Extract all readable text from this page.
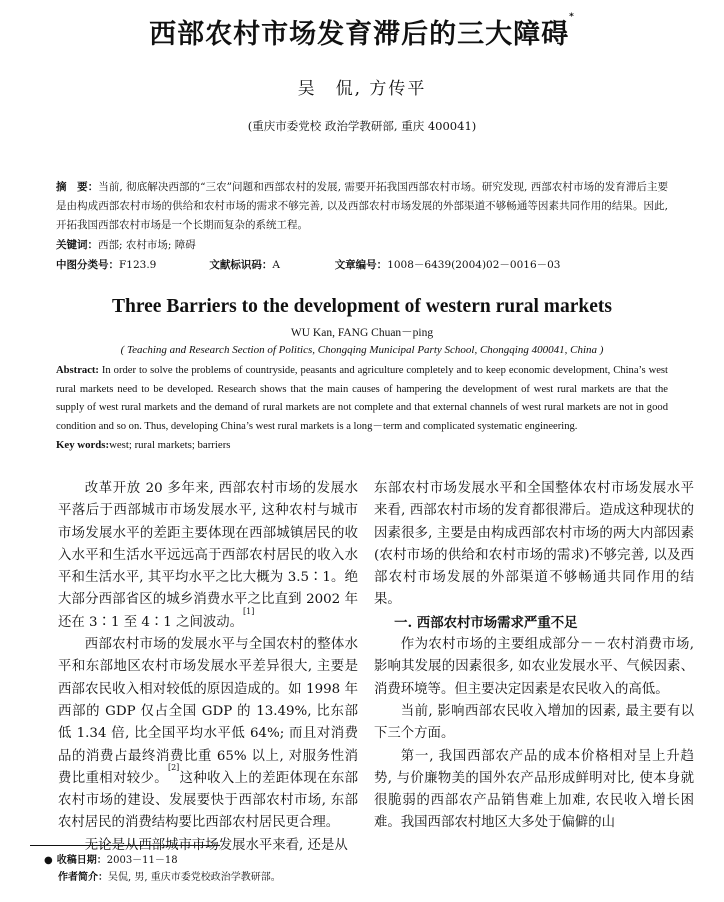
西部农村市场发育滞后的三大障碍*
吴　侃, 方传平
(重庆市委党校 政治学教研部, 重庆 400041)
摘　要：当前, 彻底解决西部的“三农”问题和西部农村的发展, 需要开拓我国西部农村市场。研究发现, 西部农村市场的发育滞后主要是由构成西部农村市场的供给和农村市场的需求不够完善, 以及西部农村市场发展的外部渠道不够畅通等因素共同作用的结果。因此, 开拓我国西部农村市场是一个长期而复杂的系统工程。
关键词：西部; 农村市场; 障碍
中图分类号：F123.9	文献标识码：A	文章编号：1008－6439(2004)02－0016－03
Three Barriers to the development of western rural markets
WU Kan, FANG Chuan－ping
( Teaching and Research Section of Politics, Chongqing Municipal Party School, Chongqing 400041, China )
Abstract: In order to solve the problems of countryside, peasants and agriculture completely and to keep economic development, China’s west rural markets need to be developed. Research shows that the main causes of hampering the development of west rural markets are that the supply of west rural markets and the demand of rural markets are not complete and that external channels of west rural markets are not in good condition and so on. Thus, developing China’s west rural markets is a long－term and complicated systematic engineering.
Key words:west; rural markets; barriers

改革开放 20 多年来, 西部农村市场的发展水平落后于西部城市市场发展水平, 这种农村与城市市场发展水平的差距主要体现在西部城镇居民的收入水平和生活水平远远高于西部农村居民的收入水平和生活水平, 其平均水平之比大概为 3.5∶1。绝大部分西部省区的城乡消费水平之比直到 2002 年还在 3∶1 至 4∶1 之间波动。[1]

西部农村市场的发展水平与全国农村的整体水平和东部地区农村市场发展水平差异很大, 主要是西部农民收入相对较低的原因造成的。如 1998 年西部的 GDP 仅占全国 GDP 的 13.49%, 比东部低 1.34 倍, 比全国平均水平低 64%; 而且对消费品的消费占最终消费比重 65% 以上, 对服务性消费比重相对较少。[2]这种收入上的差距体现在东部农村市场的建设、发展要快于西部农村市场, 东部农村居民的消费结构要比西部农村居民更合理。

无论是从西部城市市场发展水平来看, 还是从

东部农村市场发展水平和全国整体农村市场发展水平来看, 西部农村市场的发育都很滞后。造成这种现状的因素很多, 主要是由构成西部农村市场的两大内部因素(农村市场的供给和农村市场的需求)不够完善, 以及西部农村市场发展的外部渠道不够畅通共同作用的结果。

一. 西部农村市场需求严重不足

作为农村市场的主要组成部分－－农村消费市场, 影响其发展的因素很多, 如农业发展水平、气候因素、消费环境等。但主要决定因素是农民收入的高低。

当前, 影响西部农民收入增加的因素, 最主要有以下三个方面。

第一, 我国西部农产品的成本价格相对呈上升趋势, 与价廉物美的国外农产品形成鲜明对比, 使本身就很脆弱的西部农产品销售难上加难, 农民收入增长困难。我国西部农村地区大多处于偏僻的山

● 收稿日期：2003－11－18
作者简介：吴侃, 男, 重庆市委党校政治学教研部。
